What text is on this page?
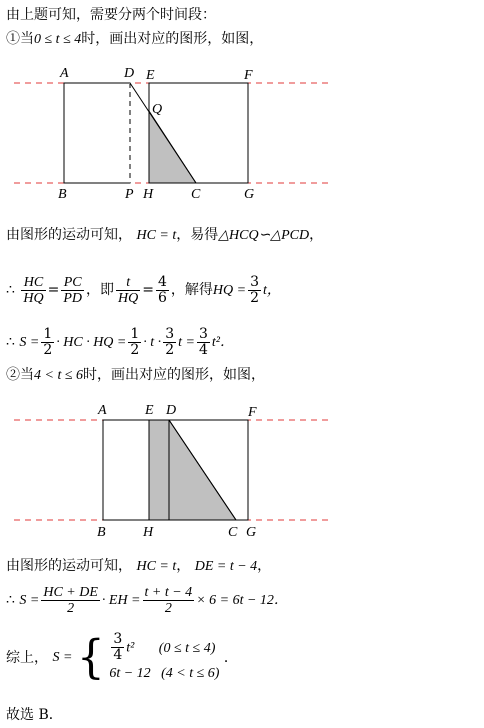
由上题可知，需要分两个时间段：
①当0 ≤ t ≤ 4时，画出对应的图形，如图，
A	D E	F
Q
B	P H	C	G
由图形的运动可知， HC = t，易得△HCQ∽△PCD，
∴ $\frac{HC}{HQ} = \frac{PC}{PD}$ ，即 $\frac{t}{HQ} = \frac{4}{6}$ ，解得HQ = $\frac{3}{2}$ t，
∴ $S = \frac{1}{2}$ · HC · HQ = $\frac{1}{2} \cdot t \cdot \frac{3}{2}$ $t = \frac{3}{4} t^2$．
②当4 < t ≤ 6时，画出对应的图形，如图，
A	E D	F
B	H	C G
由图形的运动可知， HC = t， DE = t − 4，
∴ $S = \frac{HC + DE}{2}$ · EH = $\frac{t + t - 4}{2} \times 6 = 6t - 12$．
综上， S = { $\frac{3}{4} t^2$ (0 ≤ t ≤ 4)
6t − 12 (4 < t ≤ 6)
．
故选 B．
